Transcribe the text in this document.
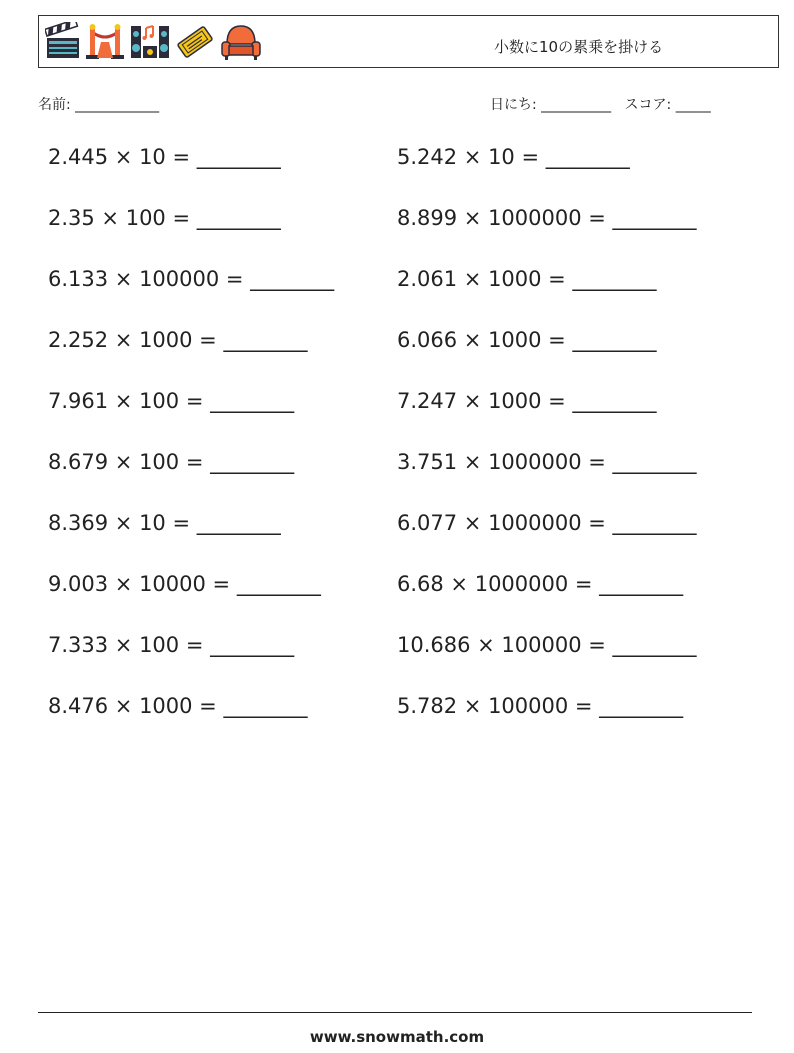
小数に10の累乗を掛ける
名前: ____________	日にち: __________ スコア: _____
2.445 × 10 = ________	5.242 × 10 = ________
2.35 × 100 = ________	8.899 × 1000000 = ________
6.133 × 100000 = ________	2.061 × 1000 = ________
2.252 × 1000 = ________	6.066 × 1000 = ________
7.961 × 100 = ________	7.247 × 1000 = ________
8.679 × 100 = ________	3.751 × 1000000 = ________
8.369 × 10 = ________	6.077 × 1000000 = ________
9.003 × 10000 = ________	6.68 × 1000000 = ________
7.333 × 100 = ________	10.686 × 100000 = ________
8.476 × 1000 = ________	5.782 × 100000 = ________
www.snowmath.com
